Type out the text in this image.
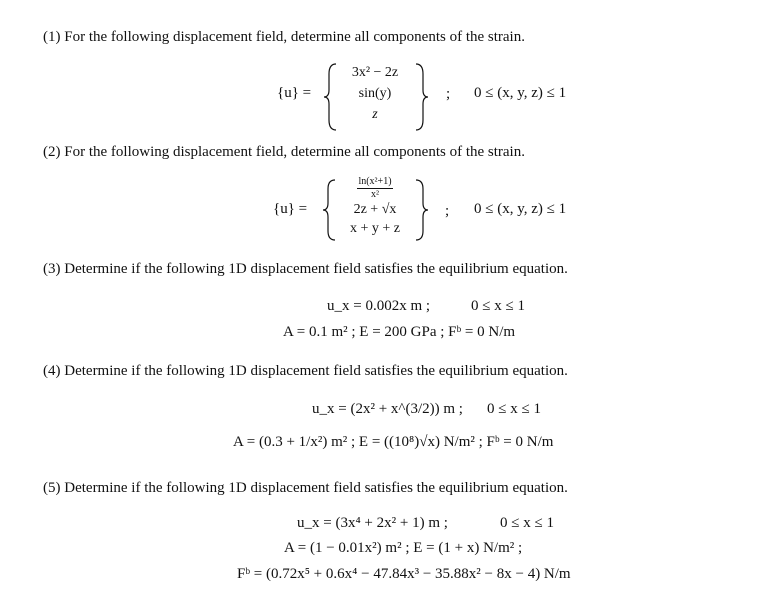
(1) For the following displacement field, determine all components of the strain.
{u} =
3x² − 2z
sin(y)
z
; 0 ≤ (x, y, z) ≤ 1
(2) For the following displacement field, determine all components of the strain.
{u} =
$\frac{\text{ln(x²+1)}}{\text{x²}}$
2z + √x
x + y + z
; 0 ≤ (x, y, z) ≤ 1
(3) Determine if the following 1D displacement field satisfies the equilibrium equation.
u_x = 0.002x m ;	0 ≤ x ≤ 1
A = 0.1 m² ; E = 200 GPa ; Fᵇ = 0 N/m
(4) Determine if the following 1D displacement field satisfies the equilibrium equation.
u_x = (2x² + x^(3/2)) m ; 0 ≤ x ≤ 1
A = (0.3 + 1/x²) m² ; E = ((10⁸)√x) N/m² ; Fᵇ = 0 N/m
(5) Determine if the following 1D displacement field satisfies the equilibrium equation.
u_x = (3x⁴ + 2x² + 1) m ;	0 ≤ x ≤ 1
A = (1 − 0.01x²) m² ; E = (1 + x) N/m² ;
Fᵇ = (0.72x⁵ + 0.6x⁴ − 47.84x³ − 35.88x² − 8x − 4) N/m
